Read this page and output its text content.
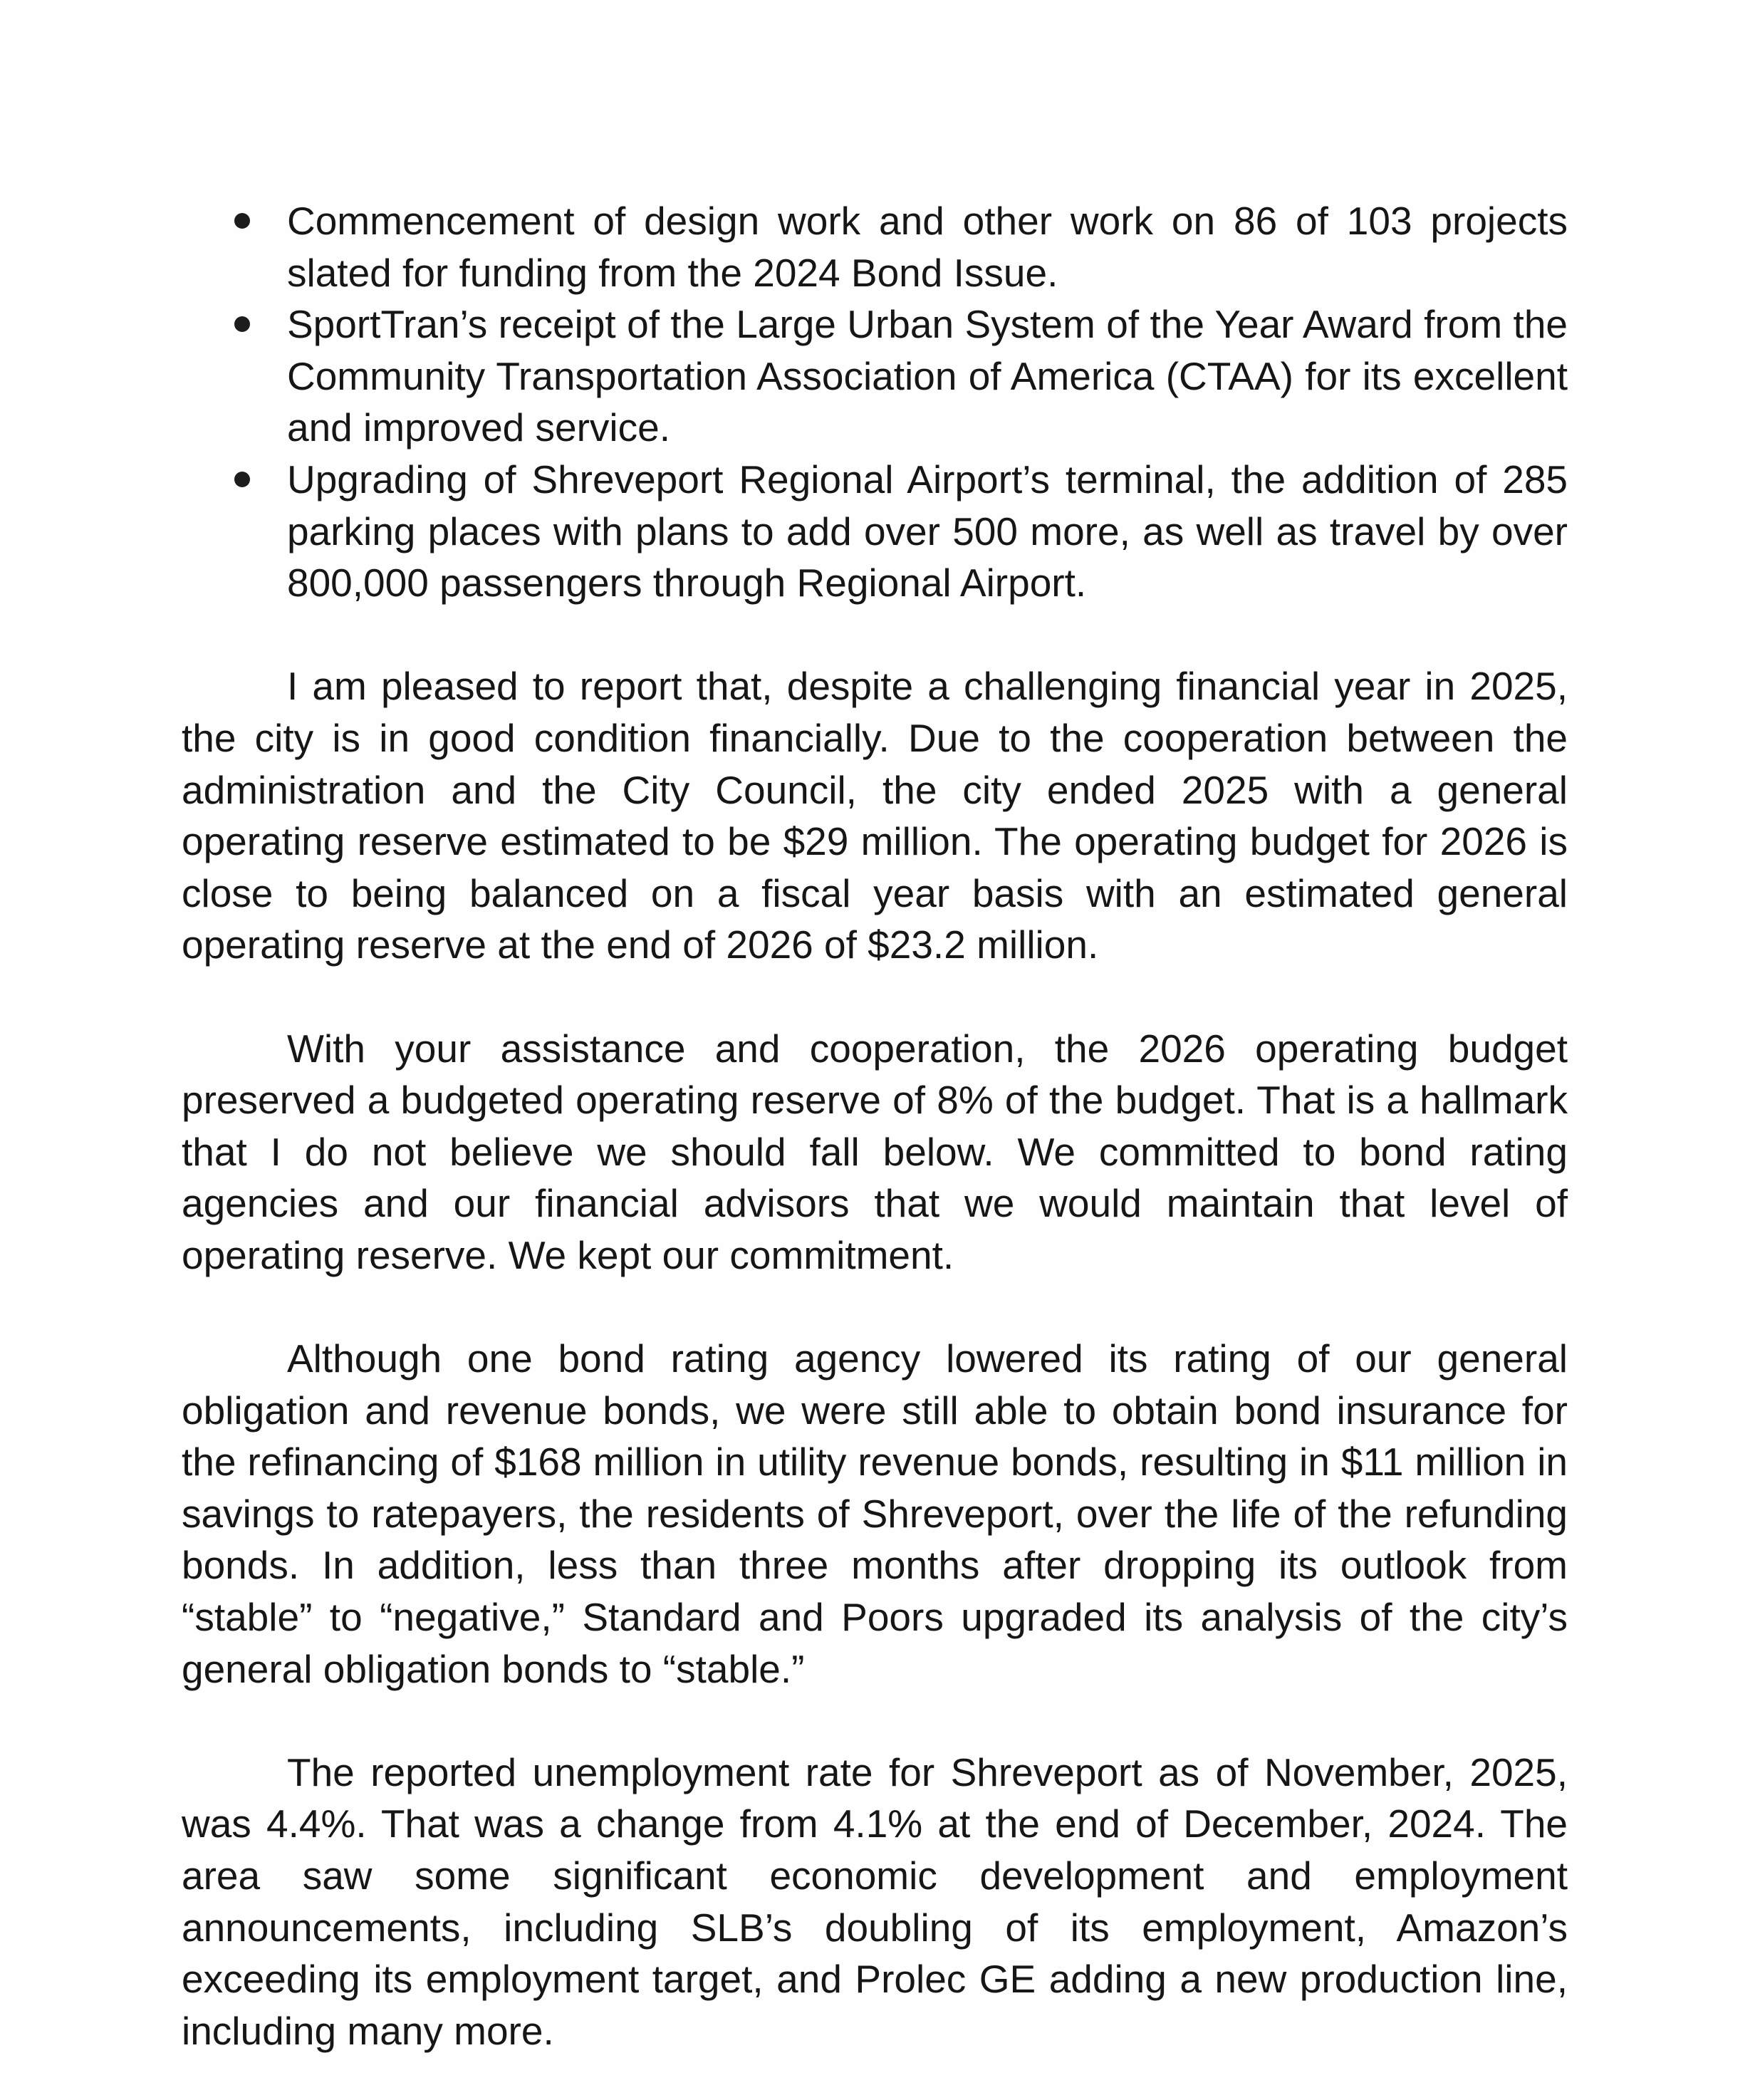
Commencement of design work and other work on 86 of 103 projects slated for funding from the 2024 Bond Issue.
SportTran’s receipt of the Large Urban System of the Year Award from the Community Transportation Association of America (CTAA) for its excellent and improved service.
Upgrading of Shreveport Regional Airport’s terminal, the addition of 285 parking places with plans to add over 500 more, as well as travel by over 800,000 passengers through Regional Airport.

I am pleased to report that, despite a challenging financial year in 2025, the city is in good condition financially. Due to the cooperation between the administration and the City Council, the city ended 2025 with a general operating reserve estimated to be $29 million. The operating budget for 2026 is close to being balanced on a fiscal year basis with an estimated general operating reserve at the end of 2026 of $23.2 million.

With your assistance and cooperation, the 2026 operating budget preserved a budgeted operating reserve of 8% of the budget. That is a hallmark that I do not believe we should fall below. We committed to bond rating agencies and our financial advisors that we would maintain that level of operating reserve. We kept our commitment.

Although one bond rating agency lowered its rating of our general obligation and revenue bonds, we were still able to obtain bond insurance for the refinancing of $168 million in utility revenue bonds, resulting in $11 million in savings to ratepayers, the residents of Shreveport, over the life of the refunding bonds. In addition, less than three months after dropping its outlook from “stable” to “negative,” Standard and Poors upgraded its analysis of the city’s general obligation bonds to “stable.”

The reported unemployment rate for Shreveport as of November, 2025, was 4.4%. That was a change from 4.1% at the end of December, 2024. The area saw some significant economic development and employment announcements, including SLB’s doubling of its employment, Amazon’s exceeding its employment target, and Prolec GE adding a new production line, including many more.
